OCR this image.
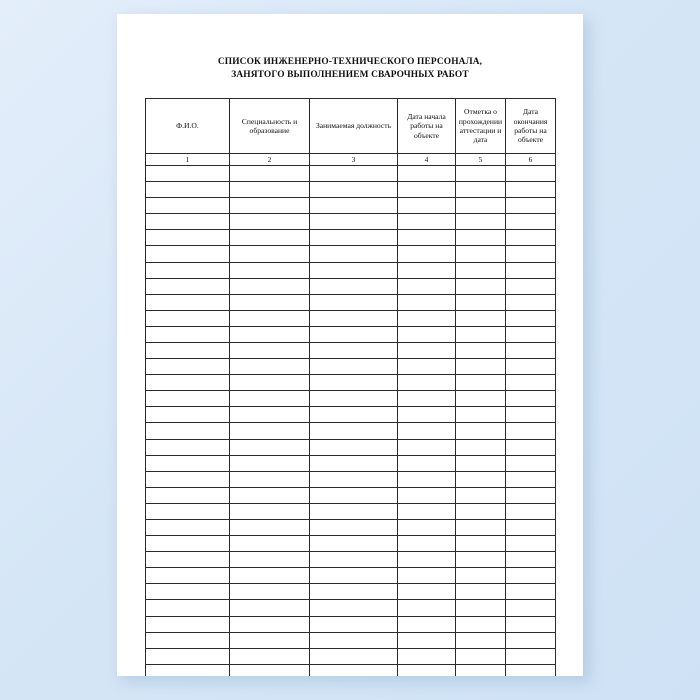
СПИСОК ИНЖЕНЕРНО-ТЕХНИЧЕСКОГО ПЕРСОНАЛА,
ЗАНЯТОГО ВЫПОЛНЕНИЕМ СВАРОЧНЫХ РАБОТ
Ф.И.О.	Специальность и образование	Занимаемая должность	Дата начала работы на объекте	Отметка о прохождении аттестации и дата	Дата окончания работы на объекте
1	2	3	4	5	6
